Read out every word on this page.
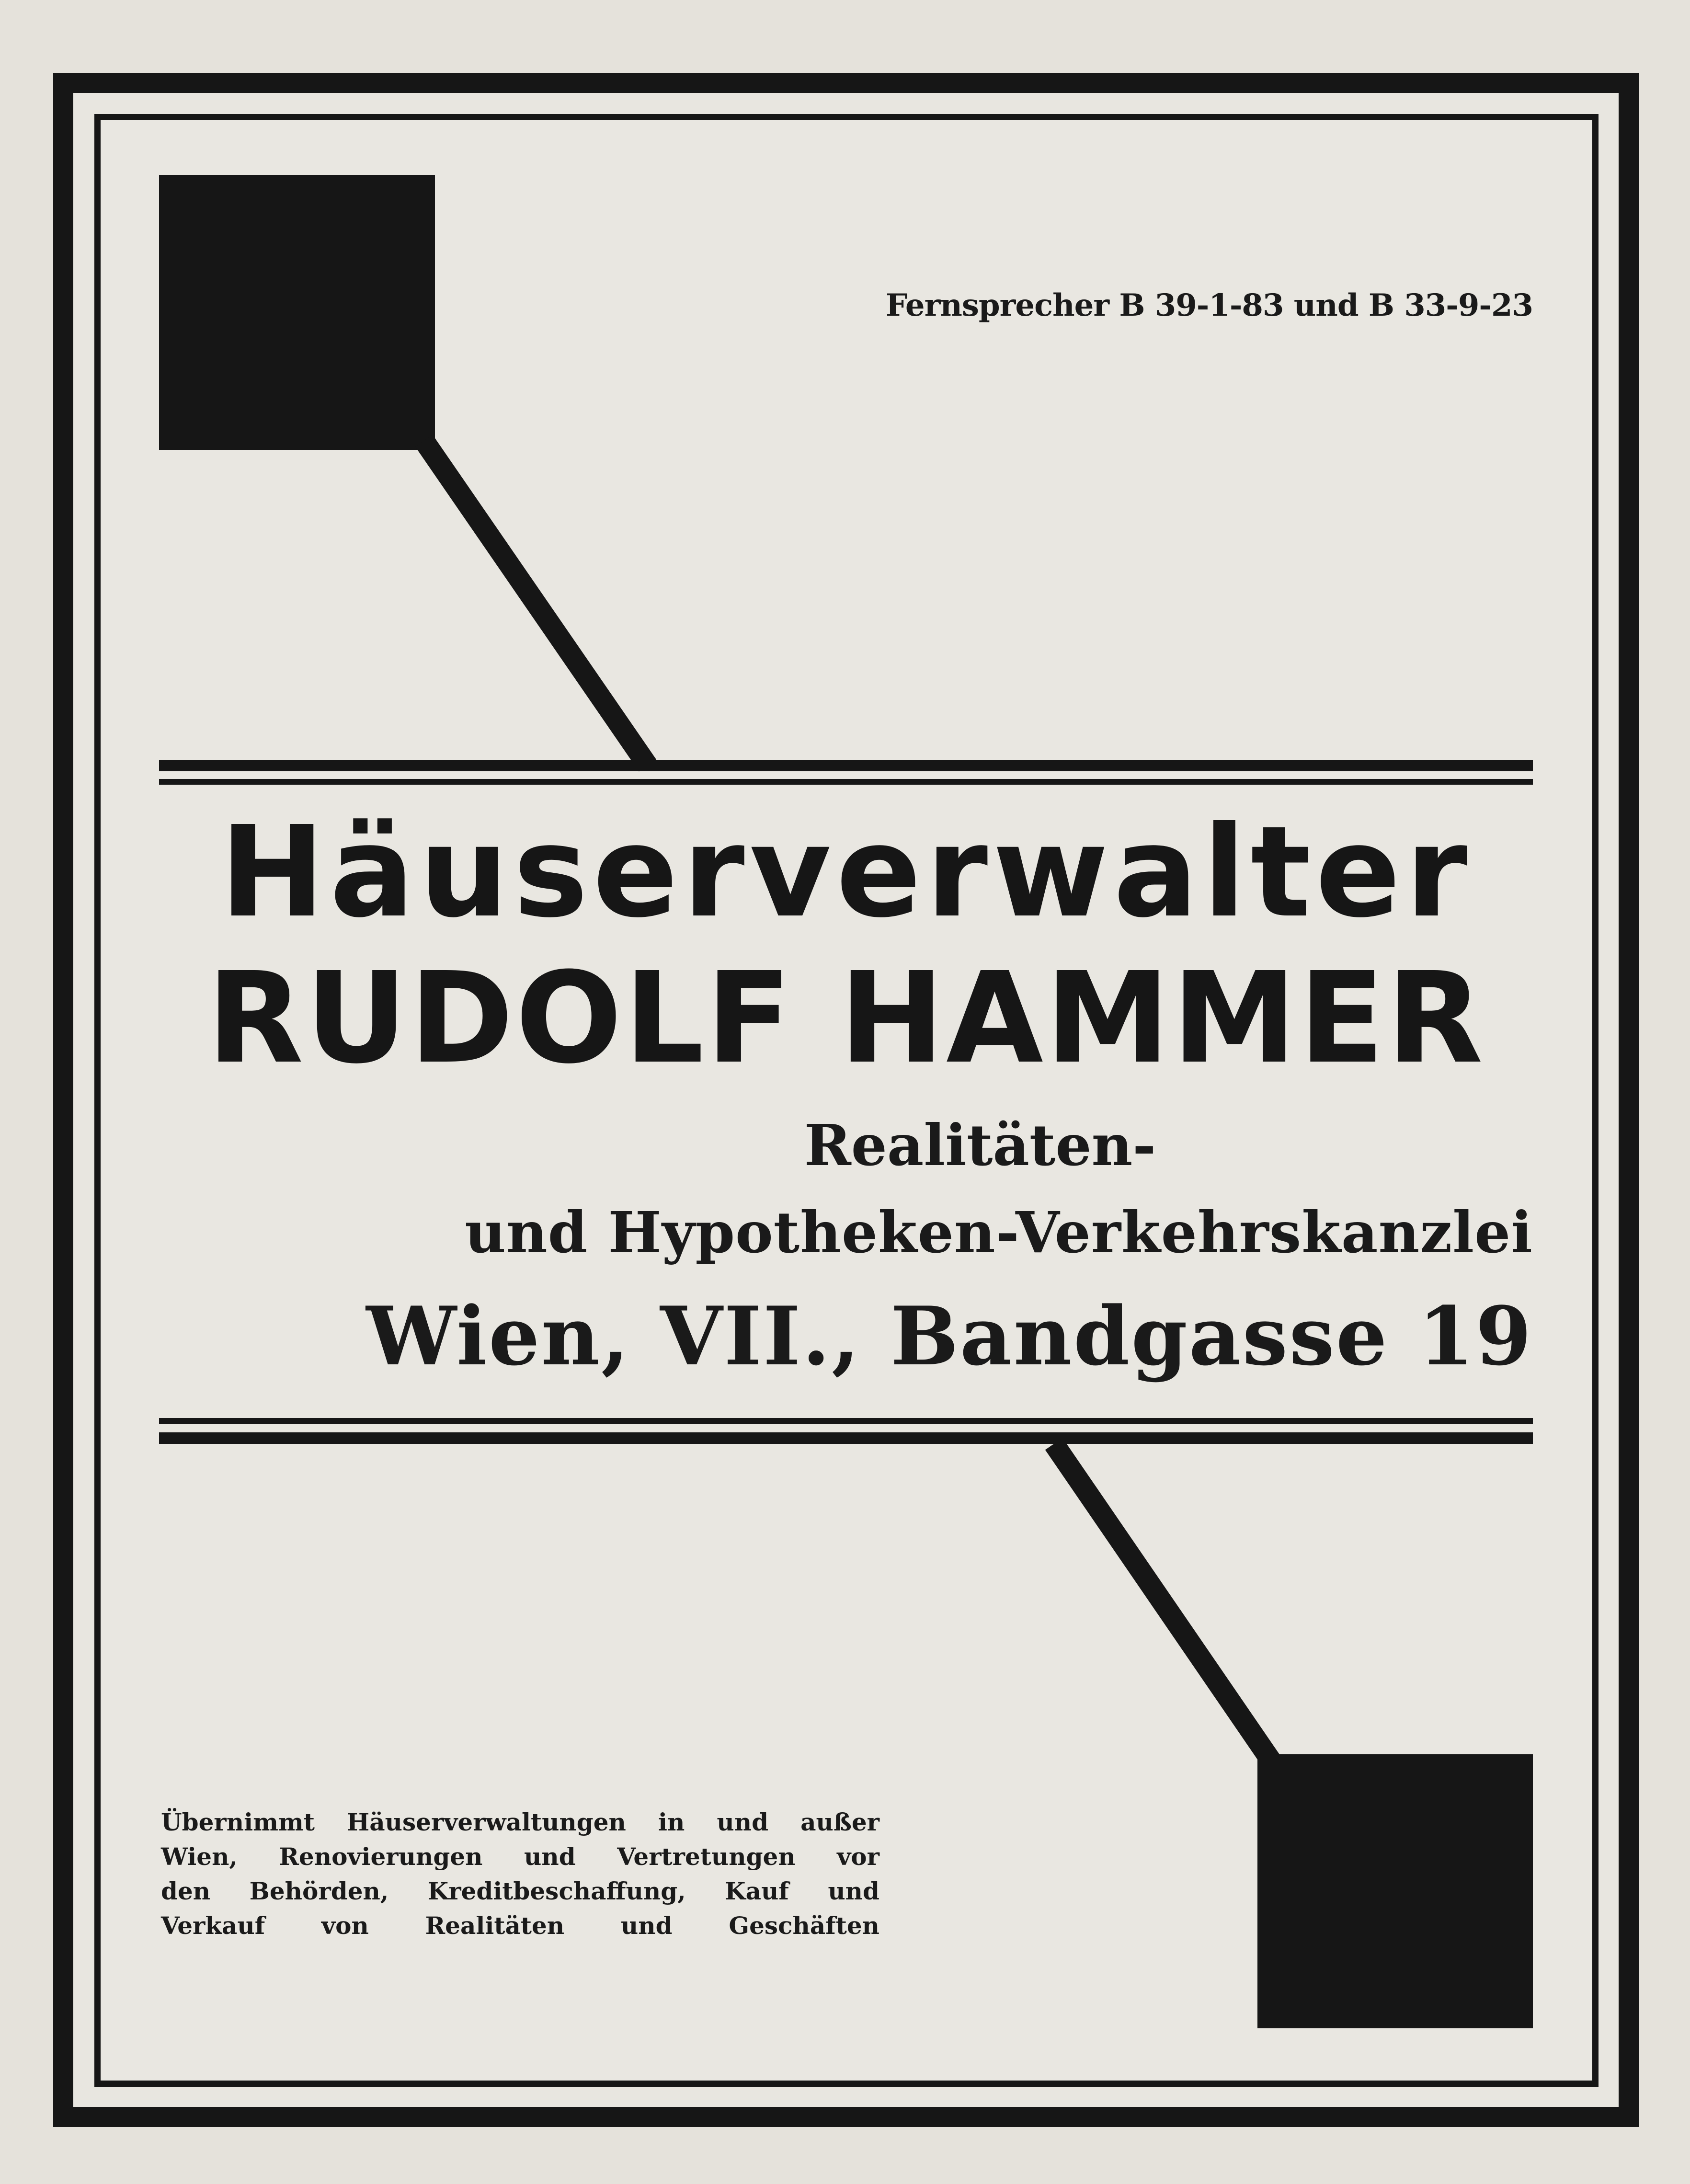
Fernsprecher B 39-1-83 und B 33-9-23
Häuserverwalter
RUDOLF HAMMER
Realitäten-
und Hypotheken-Verkehrskanzlei
Wien, VII., Bandgasse 19
Übernimmt Häuserverwaltungen in und außer
Wien, Renovierungen und Vertretungen vor
den Behörden, Kreditbeschaffung, Kauf und
Verkauf von Realitäten und Geschäften
